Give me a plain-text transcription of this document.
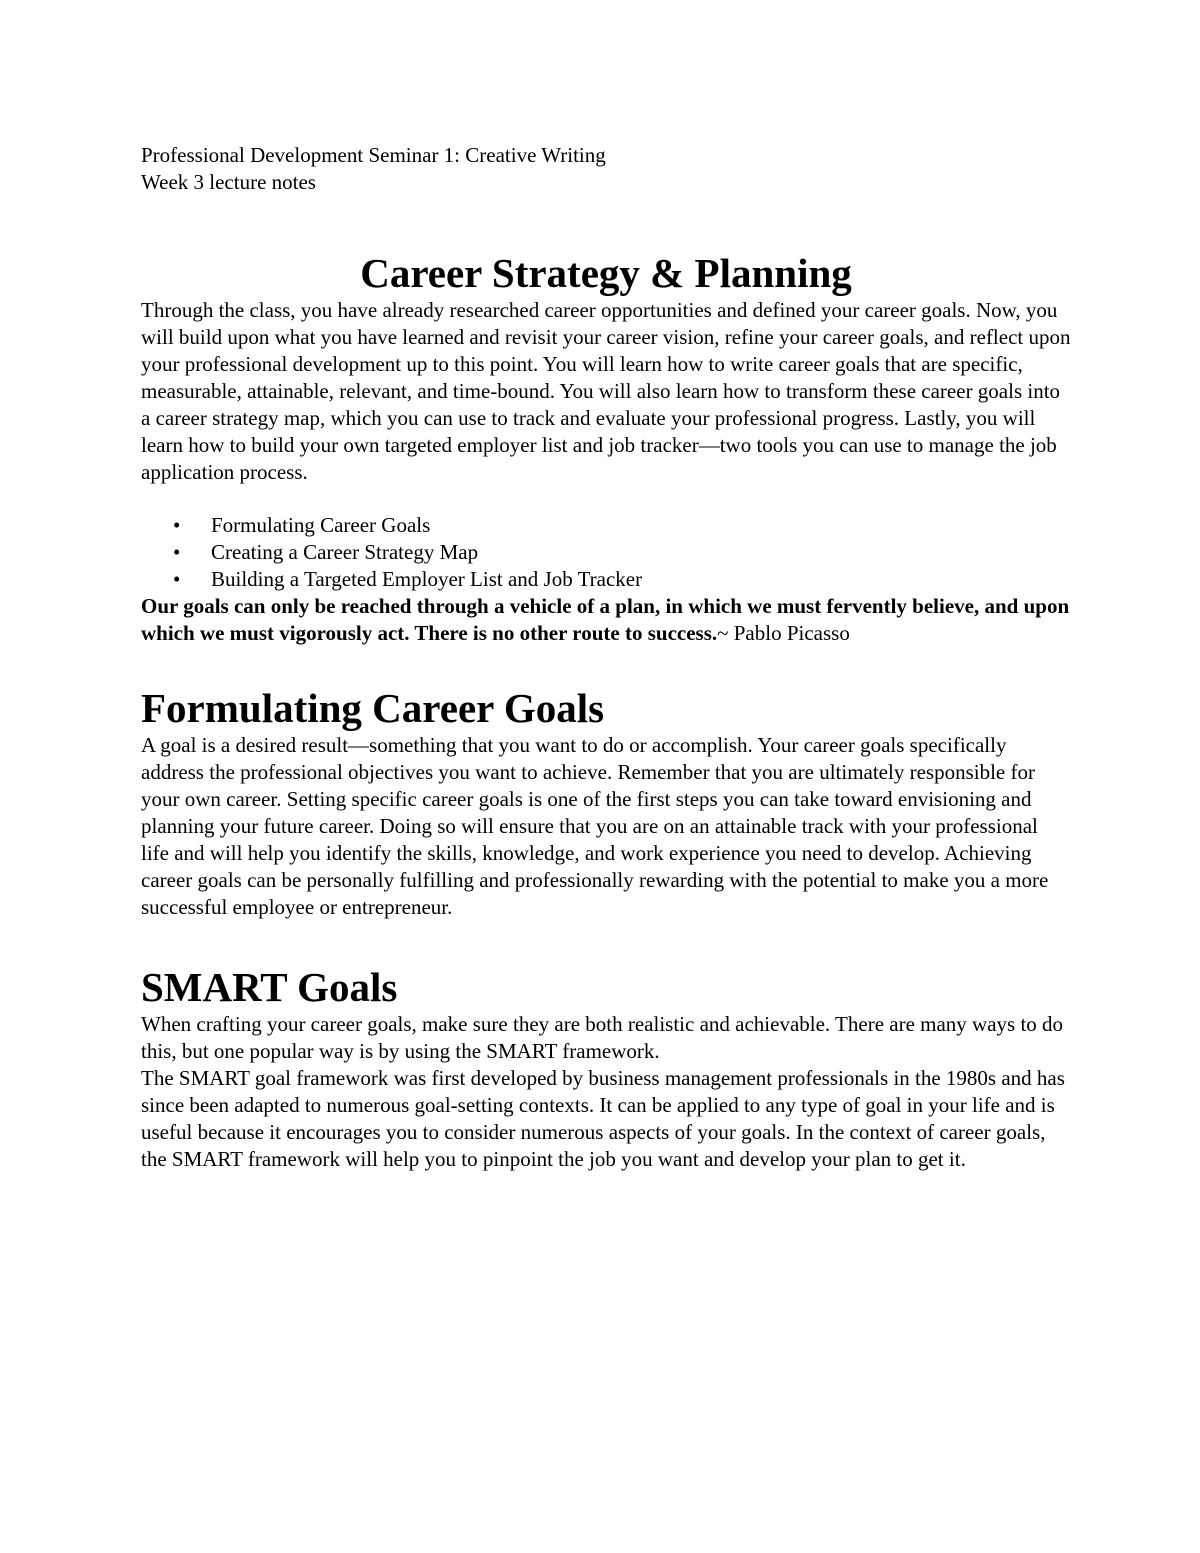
Professional Development Seminar 1: Creative Writing

Week 3 lecture notes

Career Strategy & Planning

Through the class, you have already researched career opportunities and defined your career goals. Now, you will build upon what you have learned and revisit your career vision, refine your career goals, and reflect upon your professional development up to this point. You will learn how to write career goals that are specific, measurable, attainable, relevant, and time-bound. You will also learn how to transform these career goals into a career strategy map, which you can use to track and evaluate your professional progress. Lastly, you will learn how to build your own targeted employer list and job tracker—two tools you can use to manage the job application process.

• Formulating Career Goals
• Creating a Career Strategy Map
• Building a Targeted Employer List and Job Tracker

Our goals can only be reached through a vehicle of a plan, in which we must fervently believe, and upon which we must vigorously act. There is no other route to success.~ Pablo Picasso

Formulating Career Goals

A goal is a desired result—something that you want to do or accomplish. Your career goals specifically address the professional objectives you want to achieve. Remember that you are ultimately responsible for your own career. Setting specific career goals is one of the first steps you can take toward envisioning and planning your future career. Doing so will ensure that you are on an attainable track with your professional life and will help you identify the skills, knowledge, and work experience you need to develop. Achieving career goals can be personally fulfilling and professionally rewarding with the potential to make you a more successful employee or entrepreneur.

SMART Goals

When crafting your career goals, make sure they are both realistic and achievable. There are many ways to do this, but one popular way is by using the SMART framework.

The SMART goal framework was first developed by business management professionals in the 1980s and has since been adapted to numerous goal-setting contexts. It can be applied to any type of goal in your life and is useful because it encourages you to consider numerous aspects of your goals. In the context of career goals, the SMART framework will help you to pinpoint the job you want and develop your plan to get it.
